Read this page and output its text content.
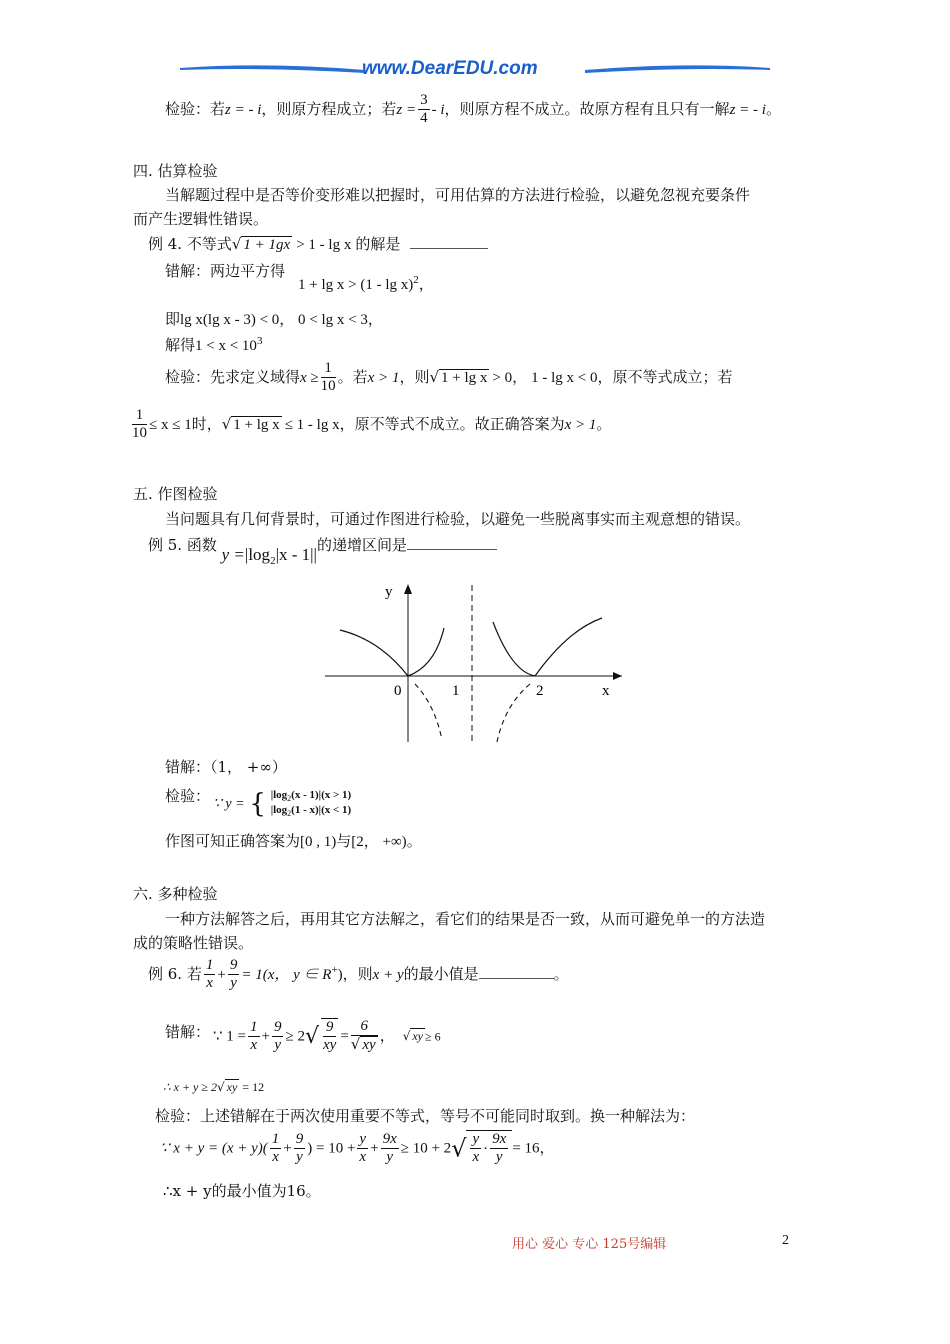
www.DearEDU.com
检验：若z = - i，则原方程成立；若$z = \frac{3}{4} - i$，则原方程不成立。故原方程有且只有一解z = - i。
四. 估算检验
当解题过程中是否等价变形难以把握时，可用估算的方法进行检验，以避免忽视充要条件
而产生逻辑性错误。
例 4. 不等式√ 1 + 1gx > 1 - lg x 的解是
错解：两边平方得
1 + lg x > (1 - lg x)$^2$，
即lg x(lg x - 3) < 0， 0 < lg x < 3，
解得$1 < x < 10^3$
检验：先求定义域得$x \ge \frac{1}{10}$ 。若x > 1，则√ 1 + lg x > 0， 1 - lg x < 0，原不等式成立；若
$\frac{1}{10} \le x \le 1$时，√ 1 + lg x ≤ 1 - lg x，原不等式不成立。故正确答案为x > 1。
五. 作图检验
当问题具有几何背景时，可通过作图进行检验，以避免一些脱离事实而主观意想的错误。
例 5. 函数 $y =|\log_2|x - 1||$的递增区间是
y
x
0	1	2
错解：（1， +∞）
检验： ∵ y = { $|\log_2(x - 1)|(x > 1)$
$|\log_2(1 - x)|(x < 1)$
作图可知正确答案为[0 , 1)与[2， +∞)。
六. 多种检验
一种方法解答之后，再用其它方法解之，看它们的结果是否一致，从而可避免单一的方法造
成的策略性错误。
例 6. 若 $\frac{1}{x} + \frac{9}{y} = 1(x$， y ∈ R+)，则x + y的最小值是	。
错解： ∵ $1 = \frac{1}{x} + \frac{9}{y} \ge 2√ \frac{9}{xy} = \frac{6}{√ xy}$ ， √ xy ≥ 6
∴ x + y ≥ 2√ xy = 12
检验：上述错解在于两次使用重要不等式，等号不可能同时取到。换一种解法为：
∵ $x + y = (x + y)( \frac{1}{x} + \frac{9}{y}$ ) = $10 + \frac{y}{x} + \frac{9x}{y} \ge 10 + 2√ \frac{y}{x} \cdot \frac{9x}{y} = 16$，
∴x + y的最小值为16。
用心 爱心 专心 125号编辑	2
